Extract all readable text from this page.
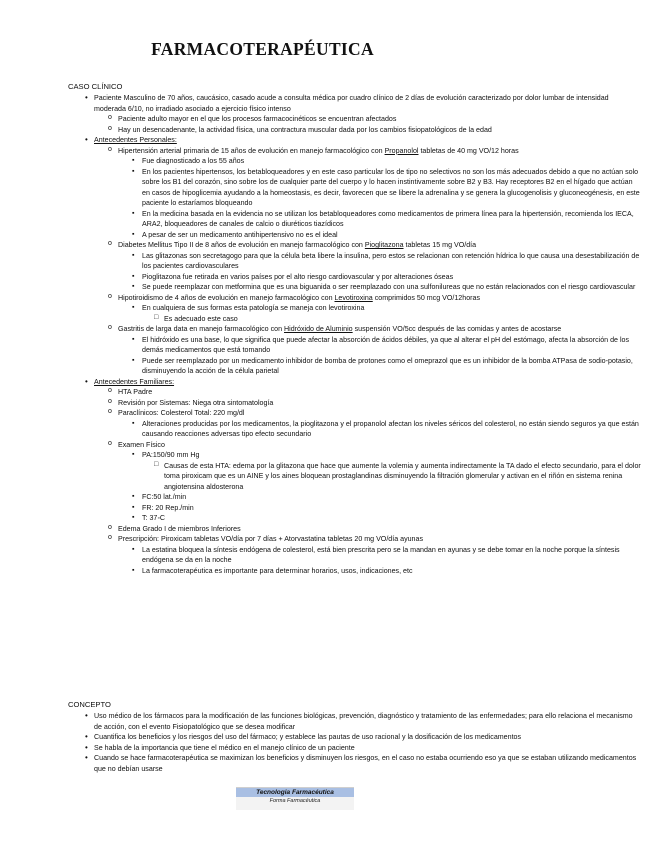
FARMACOTERAPÉUTICA
CASO CLÍNICO
• Paciente Masculino de 70 años, caucásico, casado acude a consulta médica por cuadro clínico de 2 días de evolución caracterizado por dolor lumbar de intensidad moderada 6/10, no irradiado asociado a ejercicio físico intenso
o Paciente adulto mayor en el que los procesos farmacocinéticos se encuentran afectados
o Hay un desencadenante, la actividad física, una contractura muscular dada por los cambios fisiopatológicos de la edad
• Antecedentes Personales:
o Hipertensión arterial primaria de 15 años de evolución en manejo farmacológico con Propanolol tabletas de 40 mg VO/12 horas
▪ Fue diagnosticado a los 55 años
▪ En los pacientes hipertensos, los betabloqueadores y en este caso particular los de tipo no selectivos no son los más adecuados debido a que no actúan solo sobre los B1 del corazón, sino sobre los de cualquier parte del cuerpo y lo hacen instintivamente sobre B2 y B3. Hay receptores B2 en el hígado que actúan en casos de hipoglicemia ayudando a la homeostasis, es decir, favorecen que se libere la adrenalina y se genera la glucogenolisis y gluconeogénesis, en este paciente lo estaríamos bloqueando
▪ En la medicina basada en la evidencia no se utilizan los betabloqueadores como medicamentos de primera línea para la hipertensión, recomienda los IECA, ARA2, bloqueadores de canales de calcio o diuréticos tiazídicos
▪ A pesar de ser un medicamento antihipertensivo no es el ideal
o Diabetes Mellitus Tipo II de 8 años de evolución en manejo farmacológico con Pioglitazona tabletas 15 mg VO/día
▪ Las glitazonas son secretagogo para que la célula beta libere la insulina, pero estos se relacionan con retención hídrica lo que causa una desestabilización de los pacientes cardiovasculares
▪ Pioglitazona fue retirada en varios países por el alto riesgo cardiovascular y por alteraciones óseas
▪ Se puede reemplazar con metformina que es una biguanida o ser reemplazado con una sulfonilureas que no están relacionados con el riesgo cardiovascular
o Hipotiroidismo de 4 años de evolución en manejo farmacológico con Levotiroxina comprimidos 50 mcg VO/12horas
▪ En cualquiera de sus formas esta patología se maneja con levotiroxina
□ Es adecuado este caso
o Gastritis de larga data en manejo farmacológico con Hidróxido de Aluminio suspensión VO/5cc después de las comidas y antes de acostarse
▪ El hidróxido es una base, lo que significa que puede afectar la absorción de ácidos débiles, ya que al alterar el pH del estómago, afecta la absorción de los demás medicamentos que está tomando
▪ Puede ser reemplazado por un medicamento inhibidor de bomba de protones como el omeprazol que es un inhibidor de la bomba ATPasa de sodio-potasio, disminuyendo la acción de la célula parietal
• Antecedentes Familiares:
o HTA Padre
o Revisión por Sistemas: Niega otra sintomatología
o Paraclínicos: Colesterol Total: 220 mg/dl
▪ Alteraciones producidas por los medicamentos, la pioglitazona y el propanolol afectan los niveles séricos del colesterol, no están siendo seguros ya que están causando reacciones adversas tipo efecto secundario
o Examen Físico
▪ PA:150/90 mm Hg
□ Causas de esta HTA: edema por la glitazona que hace que aumente la volemia y aumenta indirectamente la TA dado el efecto secundario, para el dolor toma piroxicam que es un AINE y los aines bloquean prostaglandinas disminuyendo la filtración glomerular y activan en el riñón en sistema renina angiotensina aldosterona
▪ FC:50 lat./min
▪ FR: 20 Rep./min
▪ T: 37◦C
o Edema Grado I de miembros Inferiores
o Prescripción: Piroxicam tabletas VO/día por 7 días + Atorvastatina tabletas 20 mg VO/día ayunas
▪ La estatina bloquea la síntesis endógena de colesterol, está bien prescrita pero se la mandan en ayunas y se debe tomar en la noche porque la síntesis endógena se da en la noche
▪ La farmacoterapéutica es importante para determinar horarios, usos, indicaciones, etc
CONCEPTO
• Uso médico de los fármacos para la modificación de las funciones biológicas, prevención, diagnóstico y tratamiento de las enfermedades; para ello relaciona el mecanismo de acción, con el evento Fisiopatológico que se desea modificar
• Cuantifica los beneficios y los riesgos del uso del fármaco; y establece las pautas de uso racional y la dosificación de los medicamentos
• Se habla de la importancia que tiene el médico en el manejo clínico de un paciente
• Cuando se hace farmacoterapéutica se maximizan los beneficios y disminuyen los riesgos, en el caso no estaba ocurriendo eso ya que se estaban utilizando medicamentos que no debían usarse
Tecnologia Farmacéutica
Forma Farmacéutica
